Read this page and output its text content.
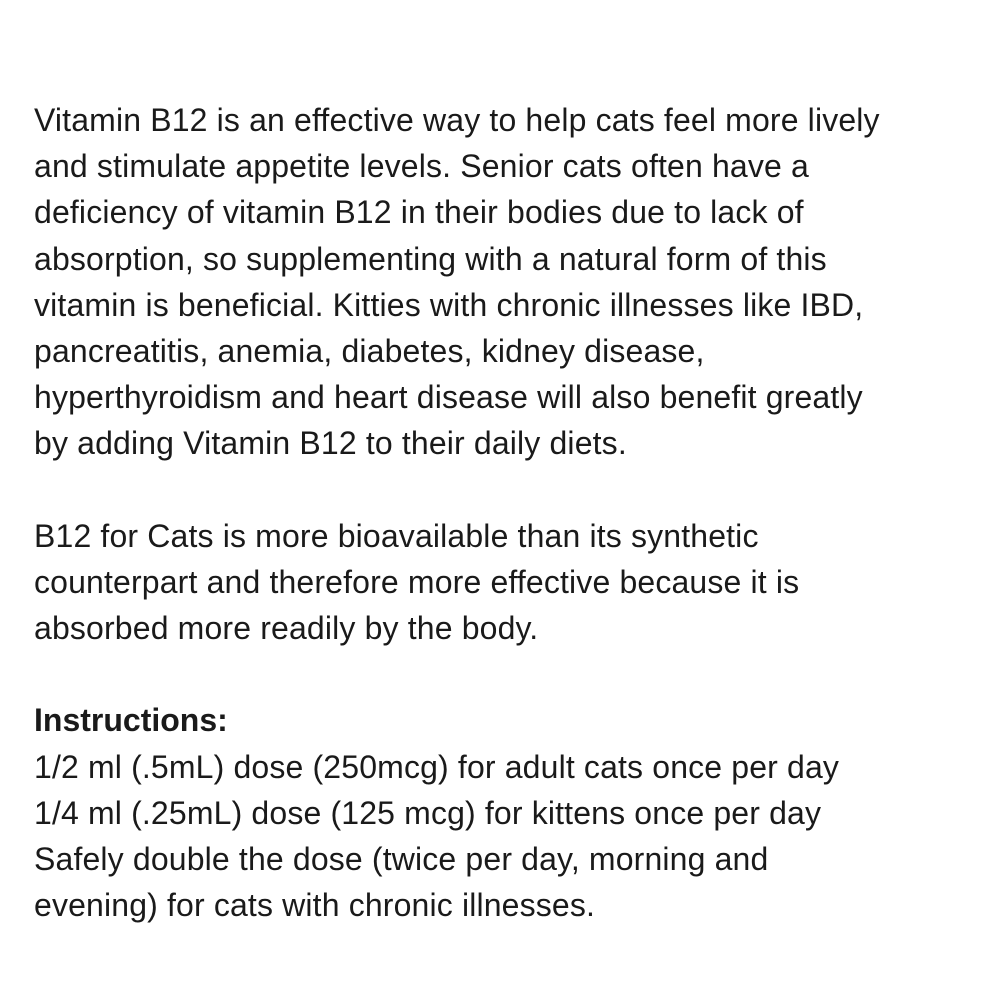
Vitamin B12 is an effective way to help cats feel more lively
and stimulate appetite levels. Senior cats often have a
deficiency of vitamin B12 in their bodies due to lack of
absorption, so supplementing with a natural form of this
vitamin is beneficial. Kitties with chronic illnesses like IBD,
pancreatitis, anemia, diabetes, kidney disease,
hyperthyroidism and heart disease will also benefit greatly
by adding Vitamin B12 to their daily diets.
B12 for Cats is more bioavailable than its synthetic
counterpart and therefore more effective because it is
absorbed more readily by the body.
Instructions:
1/2 ml (.5mL) dose (250mcg) for adult cats once per day
1/4 ml (.25mL) dose (125 mcg) for kittens once per day
Safely double the dose (twice per day, morning and
evening) for cats with chronic illnesses.
